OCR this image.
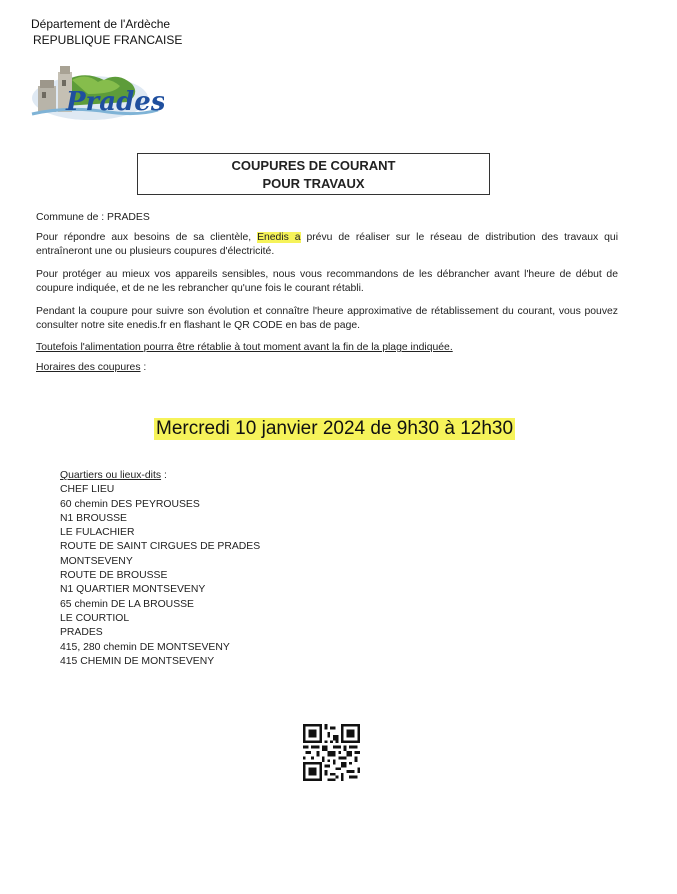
Département de l'Ardèche
REPUBLIQUE FRANCAISE
Prades
COUPURES DE COURANT
POUR TRAVAUX
Commune de : PRADES
Pour répondre aux besoins de sa clientèle, Enedis a prévu de réaliser sur le réseau de distribution des travaux qui entraîneront une ou plusieurs coupures d'électricité.
Pour protéger au mieux vos appareils sensibles, nous vous recommandons de les débrancher avant l'heure de début de coupure indiquée, et de ne les rebrancher qu'une fois le courant rétabli.
Pendant la coupure pour suivre son évolution et connaître l'heure approximative de rétablissement du courant, vous pouvez consulter notre site enedis.fr en flashant le QR CODE en bas de page.
Toutefois l'alimentation pourra être rétablie à tout moment avant la fin de la plage indiquée.
Horaires des coupures :
Mercredi 10 janvier 2024 de 9h30 à 12h30
Quartiers ou lieux-dits :
CHEF LIEU
60 chemin DES PEYROUSES
N1 BROUSSE
LE FULACHIER
ROUTE DE SAINT CIRGUES DE PRADES
MONTSEVENY
ROUTE DE BROUSSE
N1 QUARTIER MONTSEVENY
65 chemin DE LA BROUSSE
LE COURTIOL
PRADES
415, 280 chemin DE MONTSEVENY
415 CHEMIN DE MONTSEVENY
